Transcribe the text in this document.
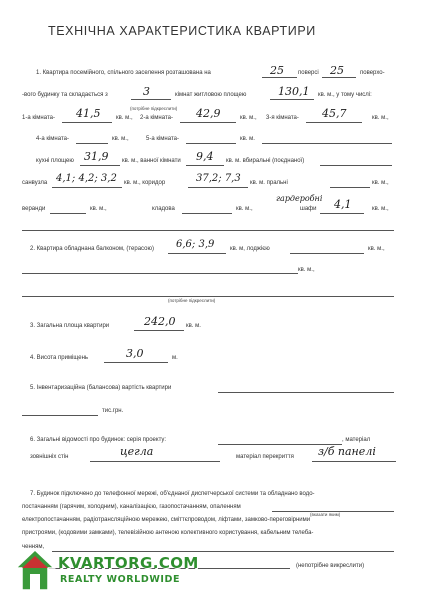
ТЕХНІЧНА ХАРАКТЕРИСТИКА КВАРТИРИ
1. Квартира посемійного, спільного заселення розташована на	25 поверсі 25	поверхо-
-вого будинку та складається з	3	кімнат житловою площею	130,1 кв. м., у тому числі:
(потрібне підкреслити)
1-а кімната- 41,5	кв. м., 2-а кімната- 42,9	кв. м., 3-я кімната- 45,7	кв. м.,
4-а кімната-	кв. м.,	5-а кімната-	кв. м.
кухні площею 31,9 кв. м., ванної кімнати 9,4 кв. м. вбиральні (поєднаної)
санвузла 4,1; 4,2; 3,2 кв. м., коридор	37,2; 7,3 кв. м. пральні	кв. м.,
веранди	кв. м.,	кладова	кв. м.,
гардеробні
шафи 4,1	кв. м.,
2. Квартира обладнана балконом, (терасою) 6,6; 3,9	кв. м, лоджією	кв. м.,
кв. м.,
(потрібне підкреслити)
3. Загальна площа квартири	242,0 кв. м.
4. Висота приміщень	3,0	м.
5. Інвентаризаційна (балансова) вартість квартири
тис.грн.
6. Загальні відомості про будинок: серія проекту:	, матеріал
зовнішніх стін	цегла	матеріал перекриття з/б панелі
7. Будинок підключено до телефонної мережі, об'єднаної диспетчерської системи та обладнано водо-
постачанням (гарячим, холодним), каналізацією, газопостачанням, опаленням
(вказати яким)
електропостачанням, радіотрансляційною мережею, сміттєпроводом, ліфтами, замково-переговірними
пристроями, (кодовими замками), телевізійною антеною колективного користування, кабельним телеба-
ченням,
(непотрібне викреслити)
KVARTORG.COM
REALTY WORLDWIDE
